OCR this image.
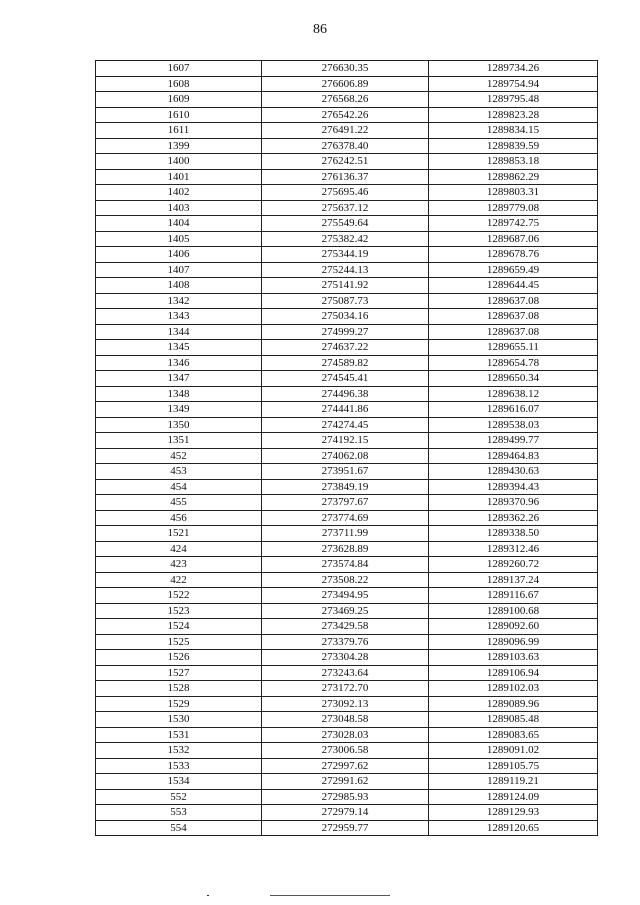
86
1607	276630.35	1289734.26
1608	276606.89	1289754.94
1609	276568.26	1289795.48
1610	276542.26	1289823.28
1611	276491.22	1289834.15
1399	276378.40	1289839.59
1400	276242.51	1289853.18
1401	276136.37	1289862.29
1402	275695.46	1289803.31
1403	275637.12	1289779.08
1404	275549.64	1289742.75
1405	275382.42	1289687.06
1406	275344.19	1289678.76
1407	275244.13	1289659.49
1408	275141.92	1289644.45
1342	275087.73	1289637.08
1343	275034.16	1289637.08
1344	274999.27	1289637.08
1345	274637.22	1289655.11
1346	274589.82	1289654.78
1347	274545.41	1289650.34
1348	274496.38	1289638.12
1349	274441.86	1289616.07
1350	274274.45	1289538.03
1351	274192.15	1289499.77
452	274062.08	1289464.83
453	273951.67	1289430.63
454	273849.19	1289394.43
455	273797.67	1289370.96
456	273774.69	1289362.26
1521	273711.99	1289338.50
424	273628.89	1289312.46
423	273574.84	1289260.72
422	273508.22	1289137.24
1522	273494.95	1289116.67
1523	273469.25	1289100.68
1524	273429.58	1289092.60
1525	273379.76	1289096.99
1526	273304.28	1289103.63
1527	273243.64	1289106.94
1528	273172.70	1289102.03
1529	273092.13	1289089.96
1530	273048.58	1289085.48
1531	273028.03	1289083.65
1532	273006.58	1289091.02
1533	272997.62	1289105.75
1534	272991.62	1289119.21
552	272985.93	1289124.09
553	272979.14	1289129.93
554	272959.77	1289120.65
